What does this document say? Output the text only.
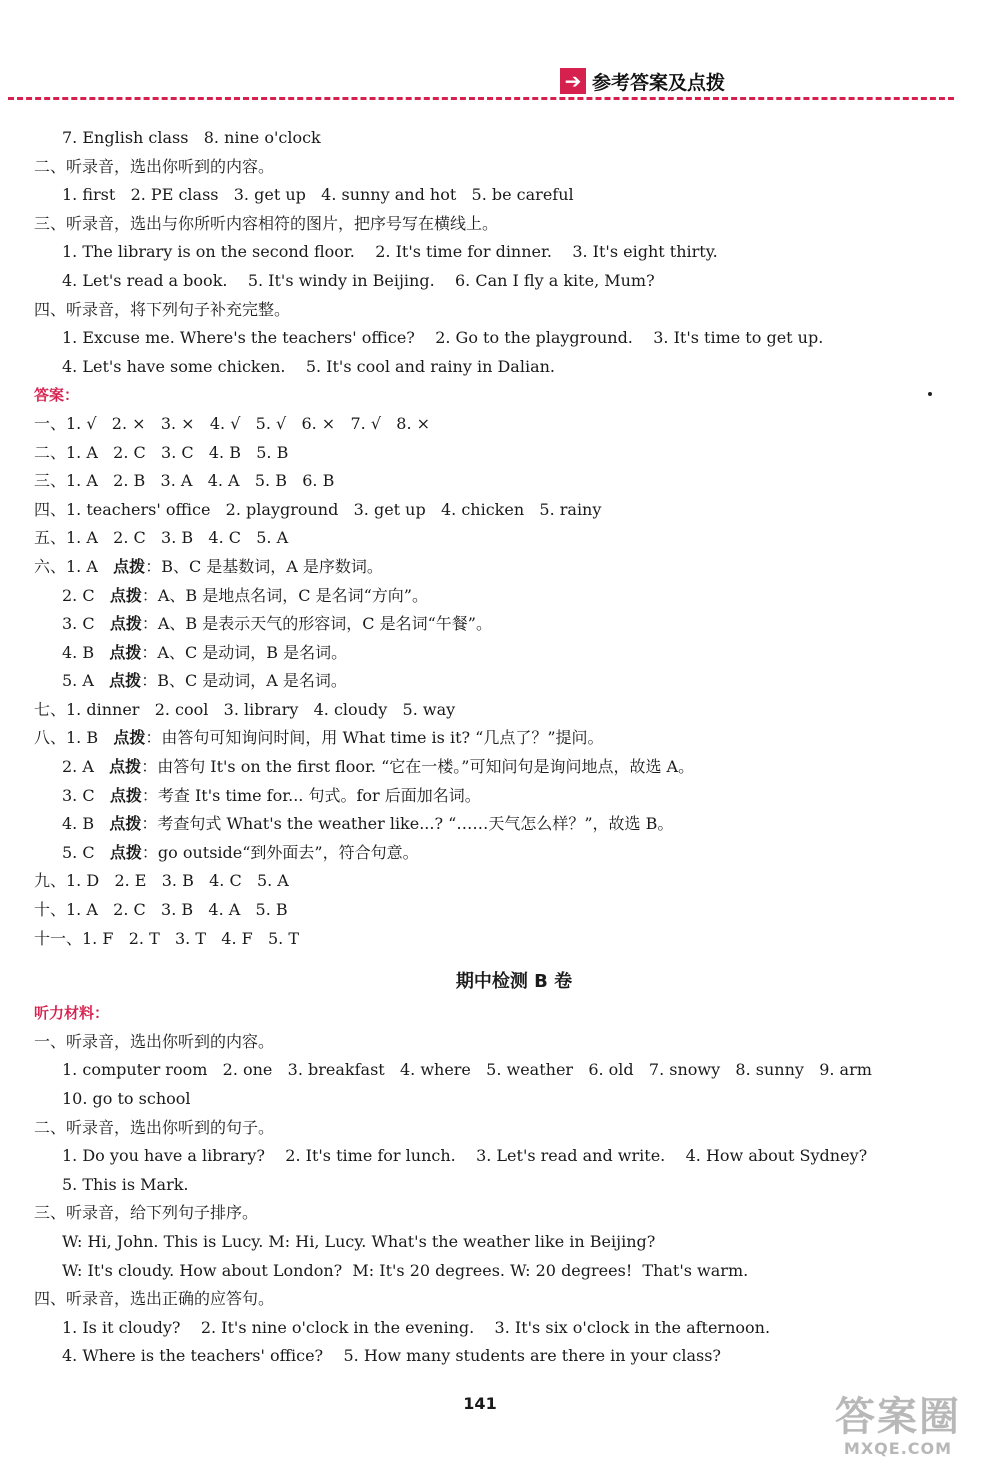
➔ 参考答案及点拨
7. English class   8. nine o'clock
二、听录音，选出你听到的内容。
1. first   2. PE class   3. get up   4. sunny and hot   5. be careful
三、听录音，选出与你所听内容相符的图片，把序号写在横线上。
1. The library is on the second floor.    2. It's time for dinner.    3. It's eight thirty.
4. Let's read a book.    5. It's windy in Beijing.    6. Can I fly a kite, Mum?
四、听录音，将下列句子补充完整。
1. Excuse me. Where's the teachers' office?    2. Go to the playground.    3. It's time to get up.
4. Let's have some chicken.    5. It's cool and rainy in Dalian.
答案：
一、1. √   2. ×   3. ×   4. √   5. √   6. ×   7. √   8. ×
二、1. A   2. C   3. C   4. B   5. B
三、1. A   2. B   3. A   4. A   5. B   6. B
四、1. teachers' office   2. playground   3. get up   4. chicken   5. rainy
五、1. A   2. C   3. B   4. C   5. A
六、1. A   点拨：B、C 是基数词，A 是序数词。
2. C   点拨：A、B 是地点名词，C 是名词“方向”。
3. C   点拨：A、B 是表示天气的形容词，C 是名词“午餐”。
4. B   点拨：A、C 是动词，B 是名词。
5. A   点拨：B、C 是动词，A 是名词。
七、1. dinner   2. cool   3. library   4. cloudy   5. way
八、1. B   点拨：由答句可知询问时间，用 What time is it? “几点了？”提问。
2. A   点拨：由答句 It's on the first floor. “它在一楼。”可知问句是询问地点，故选 A。
3. C   点拨：考查 It's time for... 句式。for 后面加名词。
4. B   点拨：考查句式 What's the weather like...? “……天气怎么样？”，故选 B。
5. C   点拨：go outside“到外面去”，符合句意。
九、1. D   2. E   3. B   4. C   5. A
十、1. A   2. C   3. B   4. A   5. B
十一、1. F   2. T   3. T   4. F   5. T
期中检测 B 卷
听力材料：
一、听录音，选出你听到的内容。
1. computer room   2. one   3. breakfast   4. where   5. weather   6. old   7. snowy   8. sunny   9. arm
10. go to school
二、听录音，选出你听到的句子。
1. Do you have a library?    2. It's time for lunch.    3. Let's read and write.    4. How about Sydney?
5. This is Mark.
三、听录音，给下列句子排序。
W: Hi, John. This is Lucy. M: Hi, Lucy. What's the weather like in Beijing?
W: It's cloudy. How about London?  M: It's 20 degrees. W: 20 degrees!  That's warm.
四、听录音，选出正确的应答句。
1. Is it cloudy?    2. It's nine o'clock in the evening.    3. It's six o'clock in the afternoon.
4. Where is the teachers' office?    5. How many students are there in your class?
141	答案圈
MXQE.COM
